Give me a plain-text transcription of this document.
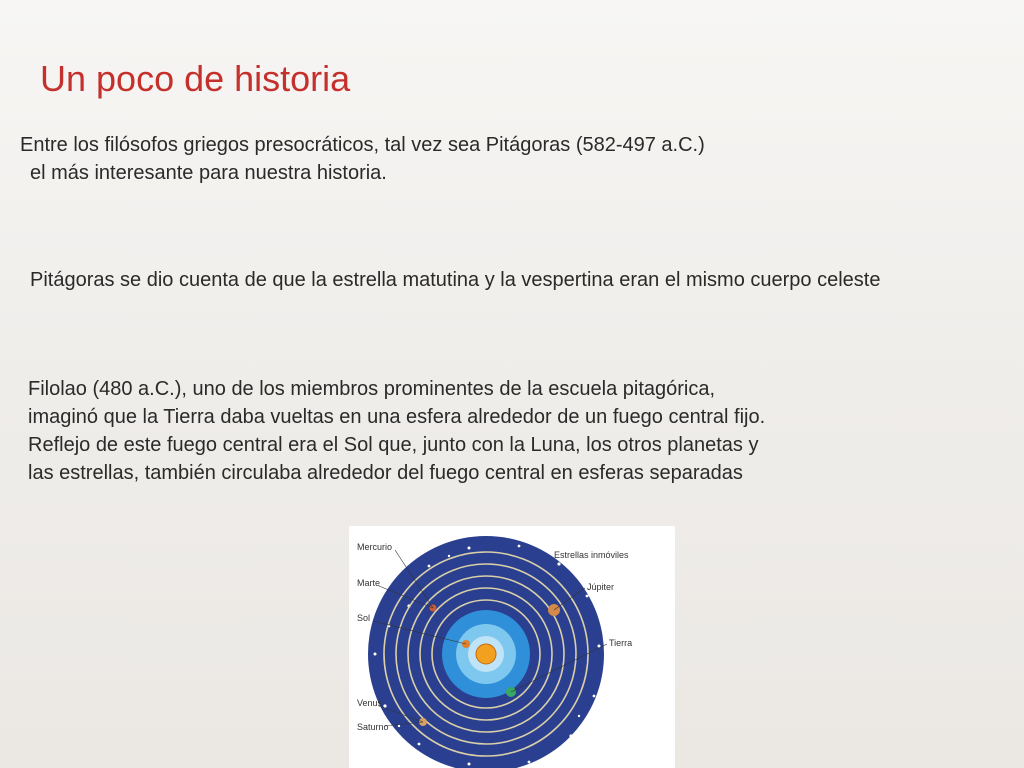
Un poco de historia
Entre los filósofos griegos presocráticos, tal vez sea Pitágoras (582-497 a.C.)
el más interesante para nuestra historia.
Pitágoras se dio cuenta de que la estrella matutina y la vespertina eran el mismo cuerpo celeste
Filolao (480 a.C.), uno de los miembros prominentes de la escuela pitagórica,
imaginó que la Tierra daba vueltas en una esfera alrededor de un fuego central fijo.
Reflejo de este fuego central era el Sol que, junto con la Luna, los otros planetas y
las estrellas, también circulaba alrededor del fuego central en esferas separadas
Mercurio
Marte
Sol
Venus
Saturno
Estrellas inmóviles
Júpiter
Tierra
